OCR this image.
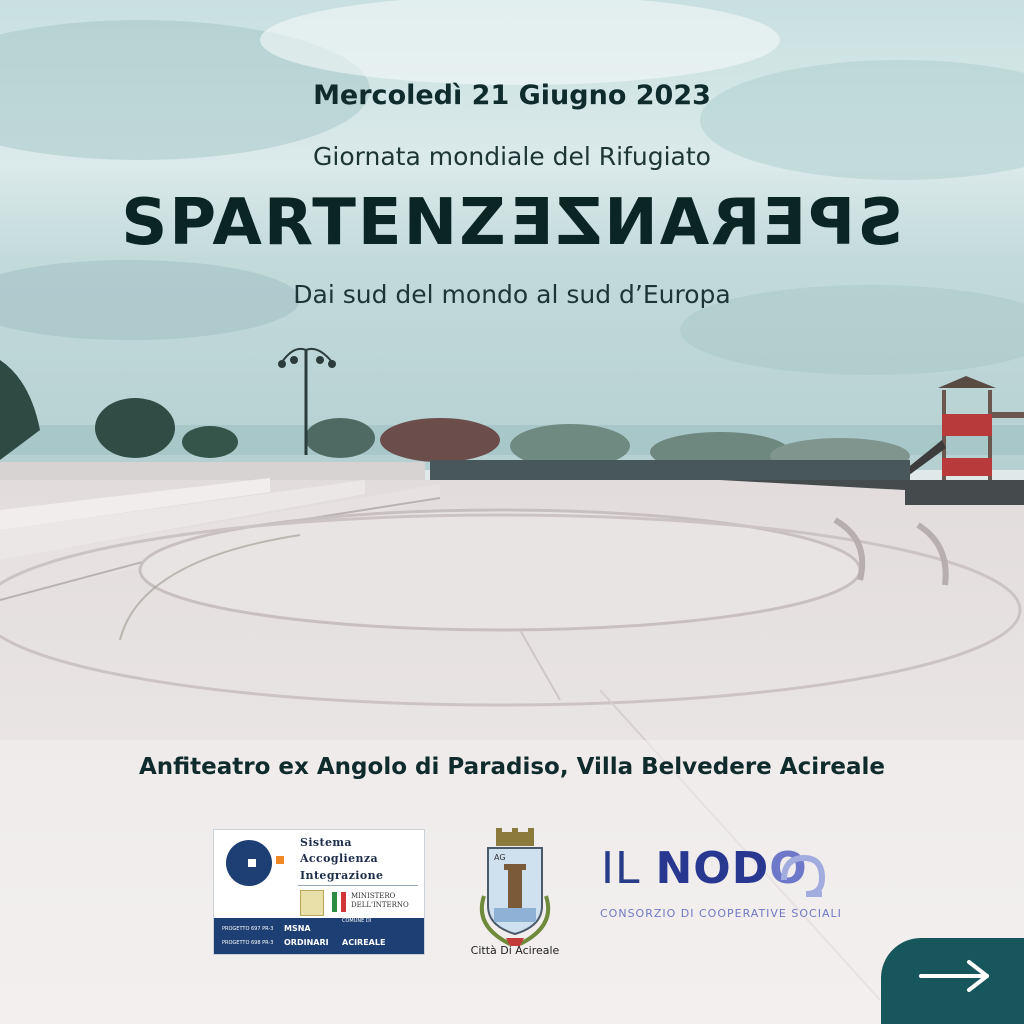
Mercoledì 21 Giugno 2023
Giornata mondiale del Rifugiato
SPARTENZSPERANZE
Dai sud del mondo al sud d’Europa
Anfiteatro ex Angolo di Paradiso, Villa Belvedere Acireale
Sistema
Accoglienza
Integrazione
MINISTERO
DELL'INTERNO
COMUNE DI
PROGETTO 697 PR-3 MSNA
PROGETTO 698 PR-3 ORDINARI ACIREALE
AG
Città Di Acireale
IL NODO
CONSORZIO DI COOPERATIVE SOCIALI
